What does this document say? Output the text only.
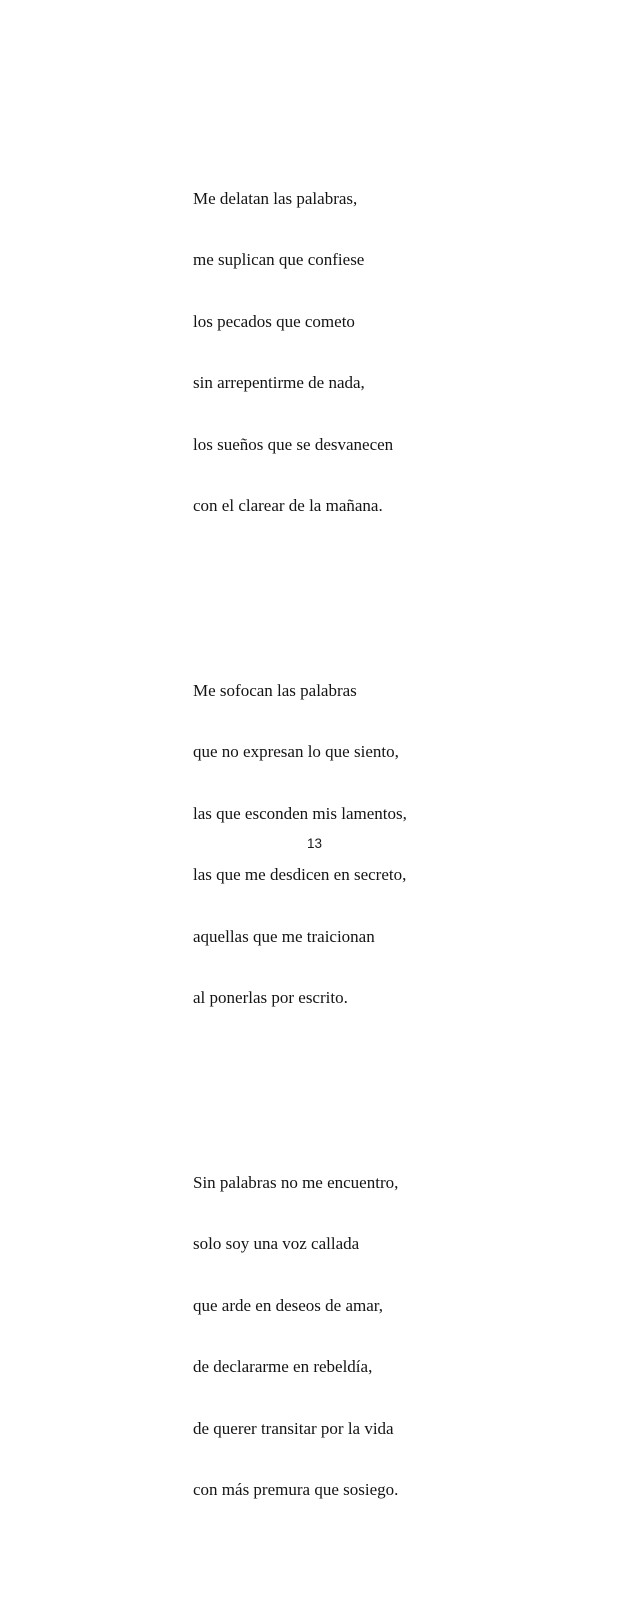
Me delatan las palabras,

me suplican que confiese

los pecados que cometo

sin arrepentirme de nada,

los sueños que se desvanecen

con el clarear de la mañana.

Me sofocan las palabras

que no expresan lo que siento,

las que esconden mis lamentos,

las que me desdicen en secreto,

aquellas que me traicionan

al ponerlas por escrito.

Sin palabras no me encuentro,

solo soy una voz callada

que arde en deseos de amar,

de declararme en rebeldía,

de querer transitar por la vida

con más premura que sosiego.

13
